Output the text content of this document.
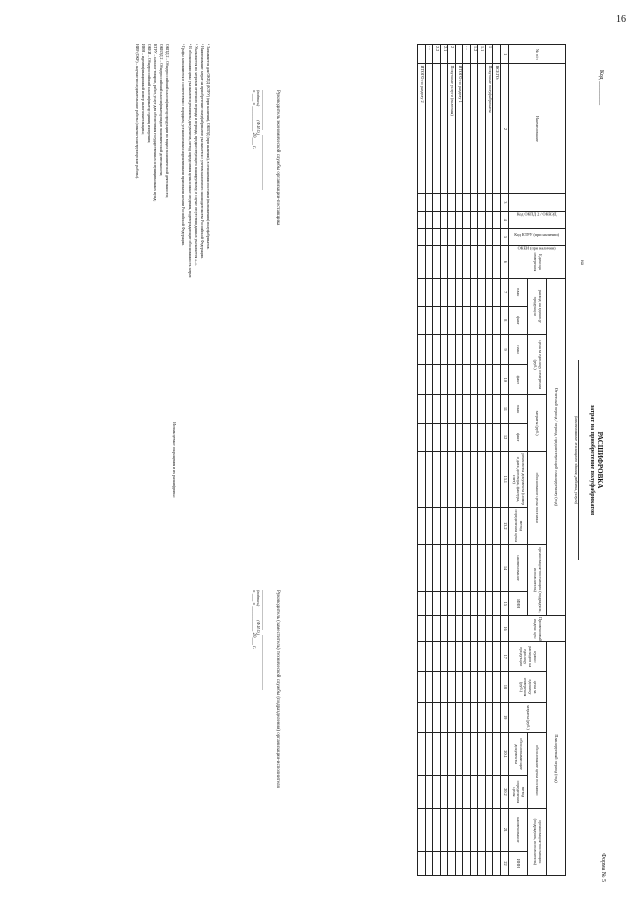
16
Код ________
Форма № 5
РАСШИФРОВКА
затрат на приобретение полуфабрикатов
на
(наименование жилищного здания, работы, услуги)
№ п/п	Наименование	Код ОКПД 2 / ОКВЭД	Код КТРУ (при наличии)	ОКЕИ (при наличии)	Единица измерения	Отчетный период / период, предшествующий планируемому (год)										Применимый индекс цен	Планируемый период (год)						
						расход на единицу продукции		цена за единицу измерения (руб.)		затраты (руб.)		обоснование цены поставки		организация-поставщик (подрядчик, исполнитель)			нужно расходов на единицу продукции	цена за единицу измерения (руб.)	затраты (руб.)	обоснование цены поставки		организация-поставщик (подрядчик, исполнитель)	
						план	факт	план	факт	план	факт	реквизиты документа (номер и дата договора, фактура, счет)	метод определения цены	наименование	ИНН					обосновывающие документы	метод определения цены	наименование	ИНН
1	2	3	4	5	6	7	8	9	10	11	12	13.1	13.2	14	15	16	17	18	19	20.1	20.2	21	22
	ВСЕГО:																						
1	Покупные полуфабрикаты																						
1.1																							
1.2																							
…																							
	ИТОГО по разделу 1																						
2	Покупные услуги (включая)																						
2.1																							
2.2																							
…																							
	ИТОГО по разделу 2																						
Руководитель экономической службы организации-поставщика
________________    ______________________
(подпись)              (Ф.И.О.)
« ___ » __________ 20___ г.
Руководитель (заместитель) технической службы (подразделения) организации-исполнителя
________________    ______________________
(подпись)              (Ф.И.О.)
« ___ » __________ 20___ г.

¹ Заполняется для ОКПД (КТРУ) (при наличии), ОКВЭД (при наличии), в отношении поставки (выполнения) полуфабрикатов.

² Наименование затрат на приобретение полуфабрикатов указывается с учетом налогового законодательства Российской Федерации.

³ Указывается по затратам отчетного периода и периода, предшествующего планируемому; в случае отсутствия данных указывается «–».

⁴ В обосновании цены указываются реквизиты документов, метод определения цены и иные сведения, подтверждающие обоснованность затрат.

⁵ Графы заполняются в соответствии с порядком, установленным нормативными правовыми актами Российской Федерации.

Используемые сокращения и их расшифровка:

ОКПД 2 – Общероссийский классификатор продукции по видам экономической деятельности;

ОКВЭД 2 – Общероссийский классификатор видов экономической деятельности;

КТРУ – каталог товаров, работ, услуг для обеспечения государственных и муниципальных нужд;

ОКЕИ – Общероссийский классификатор единиц измерения;

ИНН – идентификационный номер налогоплательщика;

НИР (ОКР) – научно-исследовательские работы (опытно-конструкторские работы).
